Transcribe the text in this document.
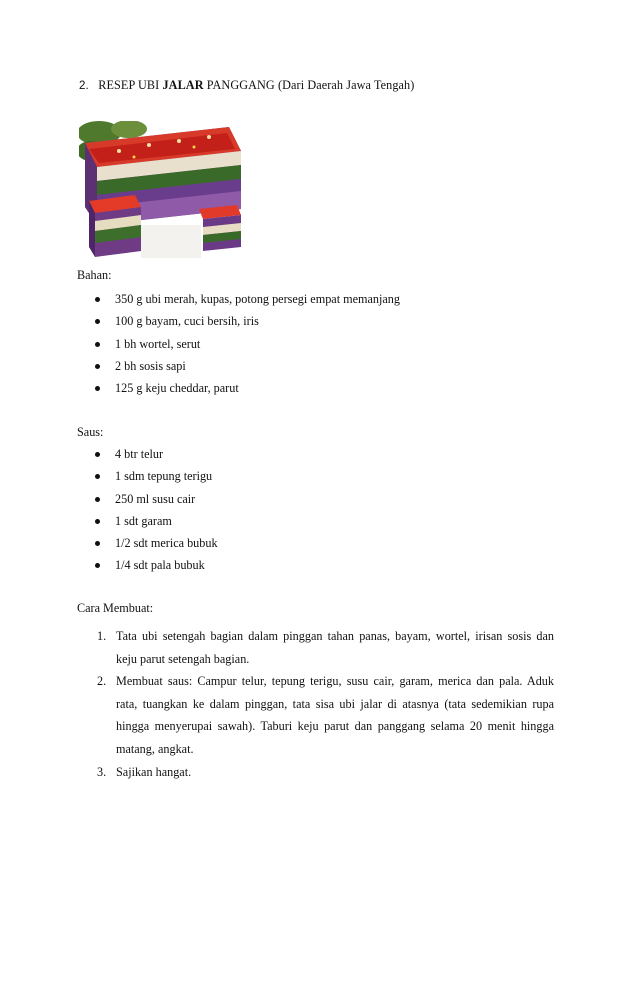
2. RESEP UBI JALAR PANGGANG (Dari Daerah Jawa Tengah)
Bahan:
350 g ubi merah, kupas, potong persegi empat memanjang
100 g bayam, cuci bersih, iris
1 bh wortel, serut
2 bh sosis sapi
125 g keju cheddar, parut
Saus:
4 btr telur
1 sdm tepung terigu
250 ml susu cair
1 sdt garam
1/2 sdt merica bubuk
1/4 sdt pala bubuk
Cara Membuat:
1. Tata ubi setengah bagian dalam pinggan tahan panas, bayam, wortel, irisan sosis dan
keju parut setengah bagian.
2. Membuat saus: Campur telur, tepung terigu, susu cair, garam, merica dan pala. Aduk
rata, tuangkan ke dalam pinggan, tata sisa ubi jalar di atasnya (tata sedemikian rupa
hingga menyerupai sawah). Taburi keju parut dan panggang selama 20 menit hingga
matang, angkat.
3. Sajikan hangat.
